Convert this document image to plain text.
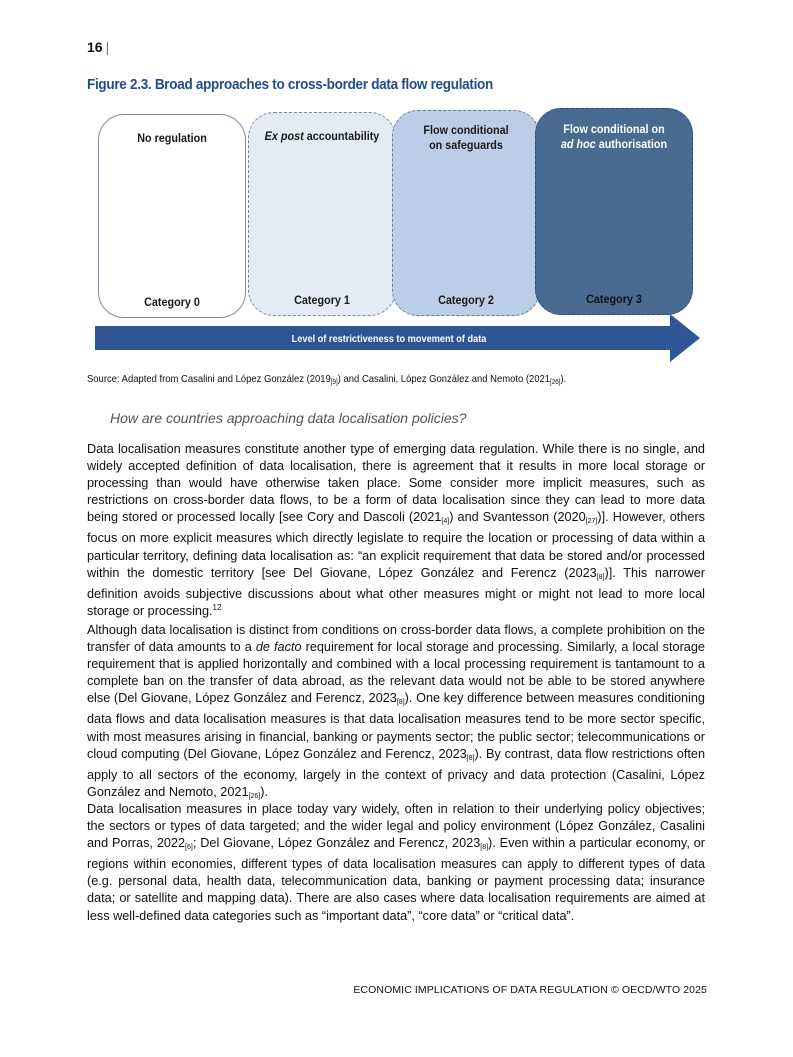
16 |
Figure 2.3. Broad approaches to cross-border data flow regulation
No regulation
Category 0
Ex post accountability
Category 1
Flow conditional
on safeguards
Category 2
Flow conditional on
ad hoc authorisation
Category 3
Level of restrictiveness to movement of data
Source: Adapted from Casalini and López González $(2019_{[9]})$ and Casalini, López González and Nemoto $(2021_{[26]})$.
How are countries approaching data localisation policies?

Data localisation measures constitute another type of emerging data regulation. While there is no single, and widely accepted definition of data localisation, there is agreement that it results in more local storage or processing than would have otherwise taken place. Some consider more implicit measures, such as restrictions on cross-border data flows, to be a form of data localisation since they can lead to more data being stored or processed locally [see Cory and Dascoli $(2021_{[4]})$ and Svantesson $(2020_{[27]})$]. However, others focus on more explicit measures which directly legislate to require the location or processing of data within a particular territory, defining data localisation as: “an explicit requirement that data be stored and/or processed within the domestic territory [see Del Giovane, López González and Ferencz $(2023_{[8]})$]. This narrower definition avoids subjective discussions about what other measures might or might not lead to more local storage or processing.$^{12}$

Although data localisation is distinct from conditions on cross-border data flows, a complete prohibition on the transfer of data amounts to a de facto requirement for local storage and processing. Similarly, a local storage requirement that is applied horizontally and combined with a local processing requirement is tantamount to a complete ban on the transfer of data abroad, as the relevant data would not be able to be stored anywhere else (Del Giovane, López González and Ferencz, $2023_{[8]}$). One key difference between measures conditioning data flows and data localisation measures is that data localisation measures tend to be more sector specific, with most measures arising in financial, banking or payments sector; the public sector; telecommunications or cloud computing (Del Giovane, López González and Ferencz, $2023_{[8]}$). By contrast, data flow restrictions often apply to all sectors of the economy, largely in the context of privacy and data protection (Casalini, López González and Nemoto, $2021_{[26]}$).

Data localisation measures in place today vary widely, often in relation to their underlying policy objectives; the sectors or types of data targeted; and the wider legal and policy environment (López González, Casalini and Porras, $2022_{[6]}$; Del Giovane, López González and Ferencz, $2023_{[8]}$). Even within a particular economy, or regions within economies, different types of data localisation measures can apply to different types of data (e.g. personal data, health data, telecommunication data, banking or payment processing data; insurance data; or satellite and mapping data). There are also cases where data localisation requirements are aimed at less well-defined data categories such as “important data”, “core data” or “critical data”.

ECONOMIC IMPLICATIONS OF DATA REGULATION © OECD/WTO 2025
